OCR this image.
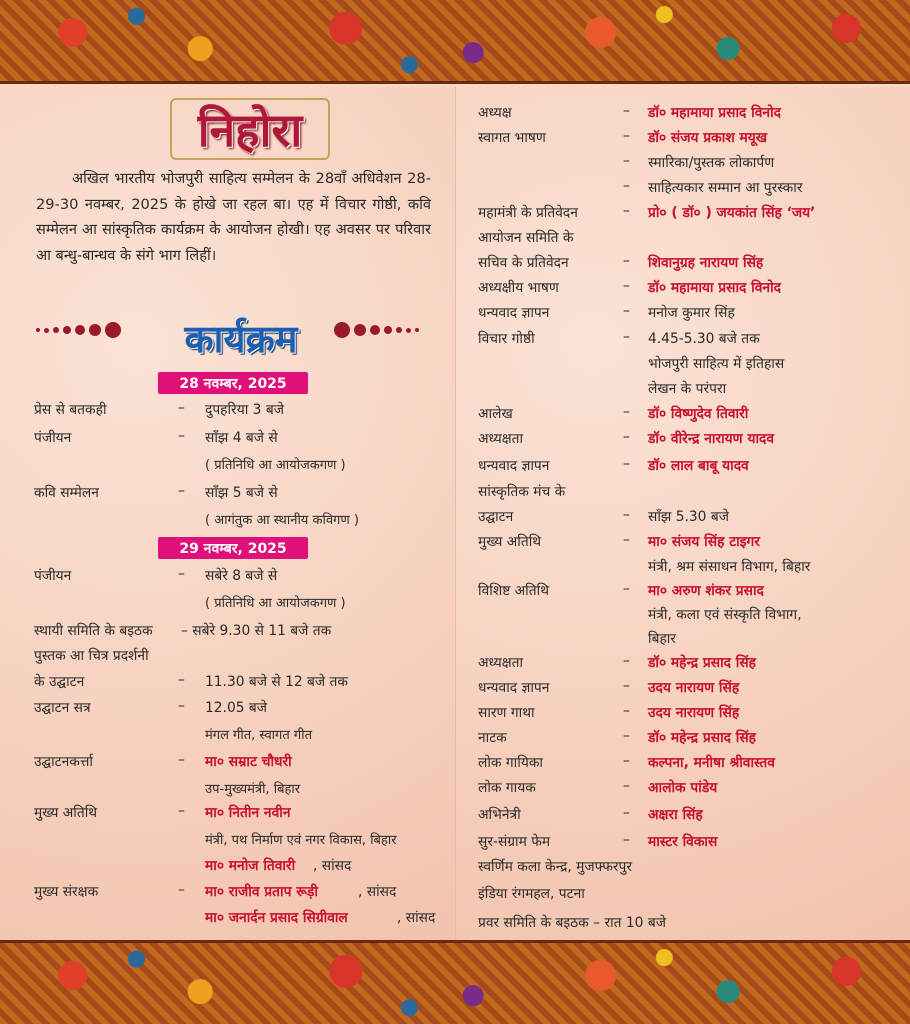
निहोरा

अखिल भारतीय भोजपुरी साहित्य सम्मेलन के 28वाँ अधिवेशन 28-29-30 नवम्बर, 2025 के होखे जा रहल बा। एह में विचार गोष्ठी, कवि सम्मेलन आ सांस्कृतिक कार्यक्रम के आयोजन होखी। एह अवसर पर परिवार आ बन्धु-बान्धव के संगे भाग लिहीं।

कार्यक्रम
28 नवम्बर, 2025
प्रेस से बतकही	– दुपहरिया 3 बजे
पंजीयन	– साँझ 4 बजे से
( प्रतिनिधि आ आयोजकगण )
कवि सम्मेलन	– साँझ 5 बजे से
( आगंतुक आ स्थानीय कविगण )
29 नवम्बर, 2025
पंजीयन	– सबेरे 8 बजे से
( प्रतिनिधि आ आयोजकगण )
स्थायी समिति के बइठक – सबेरे 9.30 से 11 बजे तक
पुस्तक आ चित्र प्रदर्शनी
के उद्घाटन	– 11.30 बजे से 12 बजे तक
उद्घाटन सत्र	– 12.05 बजे
मंगल गीत, स्वागत गीत
उद्घाटनकर्त्ता	– मा० सम्राट चौधरी
उप-मुख्यमंत्री, बिहार
मुख्य अतिथि	– मा० नितीन नवीन
मंत्री, पथ निर्माण एवं नगर विकास, बिहार
मा० मनोज तिवारी , सांसद
मुख्य संरक्षक	– मा० राजीव प्रताप रूड़ी	, सांसद
मा० जनार्दन प्रसाद सिग्रीवाल	, सांसद
अध्यक्ष	– डॉ० महामाया प्रसाद विनोद
स्वागत भाषण	– डॉ० संजय प्रकाश मयूख
– स्मारिका/पुस्तक लोकार्पण
– साहित्यकार सम्मान आ पुरस्कार
महामंत्री के प्रतिवेदन	– प्रो० ( डॉ० ) जयकांत सिंह ‘जय’
आयोजन समिति के
सचिव के प्रतिवेदन	– शिवानुग्रह नारायण सिंह
अध्यक्षीय भाषण	– डॉ० महामाया प्रसाद विनोद
धन्यवाद ज्ञापन	– मनोज कुमार सिंह
विचार गोष्ठी	– 4.45-5.30 बजे तक
भोजपुरी साहित्य में इतिहास
लेखन के परंपरा
आलेख	– डॉ० विष्णुदेव तिवारी
अध्यक्षता	– डॉ० वीरेन्द्र नारायण यादव
धन्यवाद ज्ञापन	– डॉ० लाल बाबू यादव
सांस्कृतिक मंच के
उद्घाटन	– साँझ 5.30 बजे
मुख्य अतिथि	– मा० संजय सिंह टाइगर
मंत्री, श्रम संसाधन विभाग, बिहार
विशिष्ट अतिथि	– मा० अरुण शंकर प्रसाद
मंत्री, कला एवं संस्कृति विभाग,
बिहार
अध्यक्षता	– डॉ० महेन्द्र प्रसाद सिंह
धन्यवाद ज्ञापन	– उदय नारायण सिंह
सारण गाथा	– उदय नारायण सिंह
नाटक	– डॉ० महेन्द्र प्रसाद सिंह
लोक गायिका	– कल्पना, मनीषा श्रीवास्तव
लोक गायक	– आलोक पांडेय
अभिनेत्री	– अक्षरा सिंह
सुर-संग्राम फेम	– मास्टर विकास
स्वर्णिम कला केन्द्र, मुजफ्फरपुर
इंडिया रंगमहल, पटना
प्रवर समिति के बइठक – रात 10 बजे
